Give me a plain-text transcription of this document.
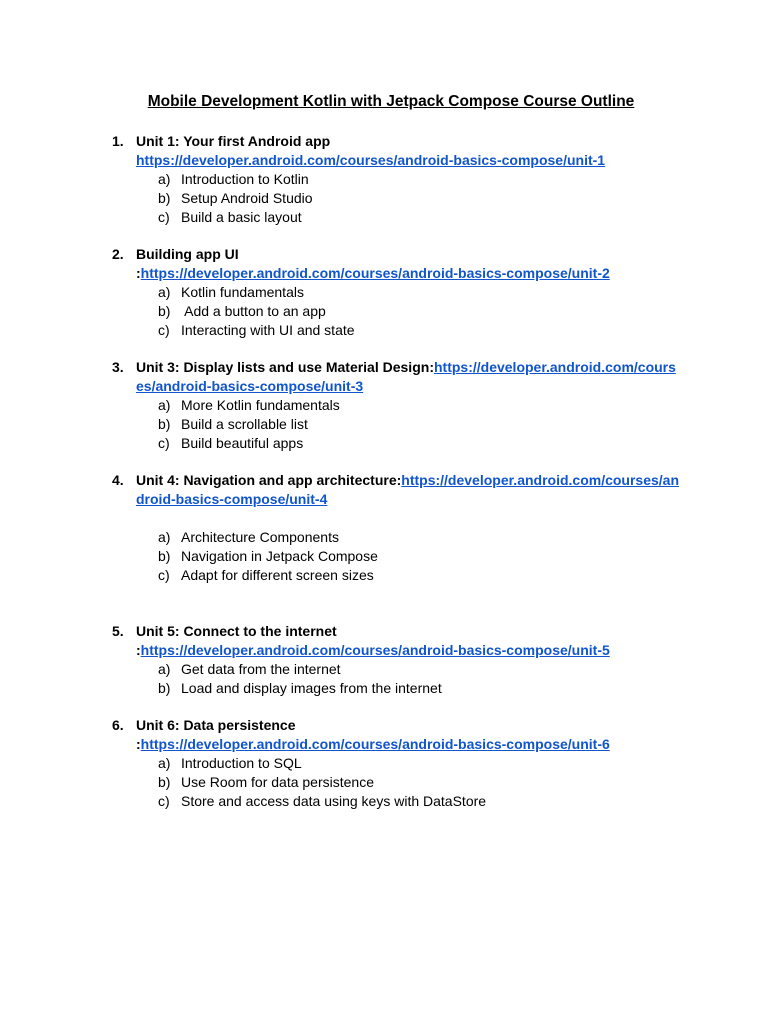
Mobile Development Kotlin with Jetpack Compose Course Outline
1. Unit 1: Your first Android app
https://developer.android.com/courses/android-basics-compose/unit-1

a) Introduction to Kotlin
b) Setup Android Studio
c) Build a basic layout
2. Building app UI
:https://developer.android.com/courses/android-basics-compose/unit-2

a) Kotlin fundamentals
b) Add a button to an app
c) Interacting with UI and state
3. Unit 3: Display lists and use Material Design:https://developer.android.com/courses/android-basics-compose/unit-3

a) More Kotlin fundamentals
b) Build a scrollable list
c) Build beautiful apps
4. Unit 4: Navigation and app architecture:https://developer.android.com/courses/android-basics-compose/unit-4

a) Architecture Components
b) Navigation in Jetpack Compose
c) Adapt for different screen sizes
5. Unit 5: Connect to the internet
:https://developer.android.com/courses/android-basics-compose/unit-5

a) Get data from the internet
b) Load and display images from the internet
6. Unit 6: Data persistence
:https://developer.android.com/courses/android-basics-compose/unit-6

a) Introduction to SQL
b) Use Room for data persistence
c) Store and access data using keys with DataStore
